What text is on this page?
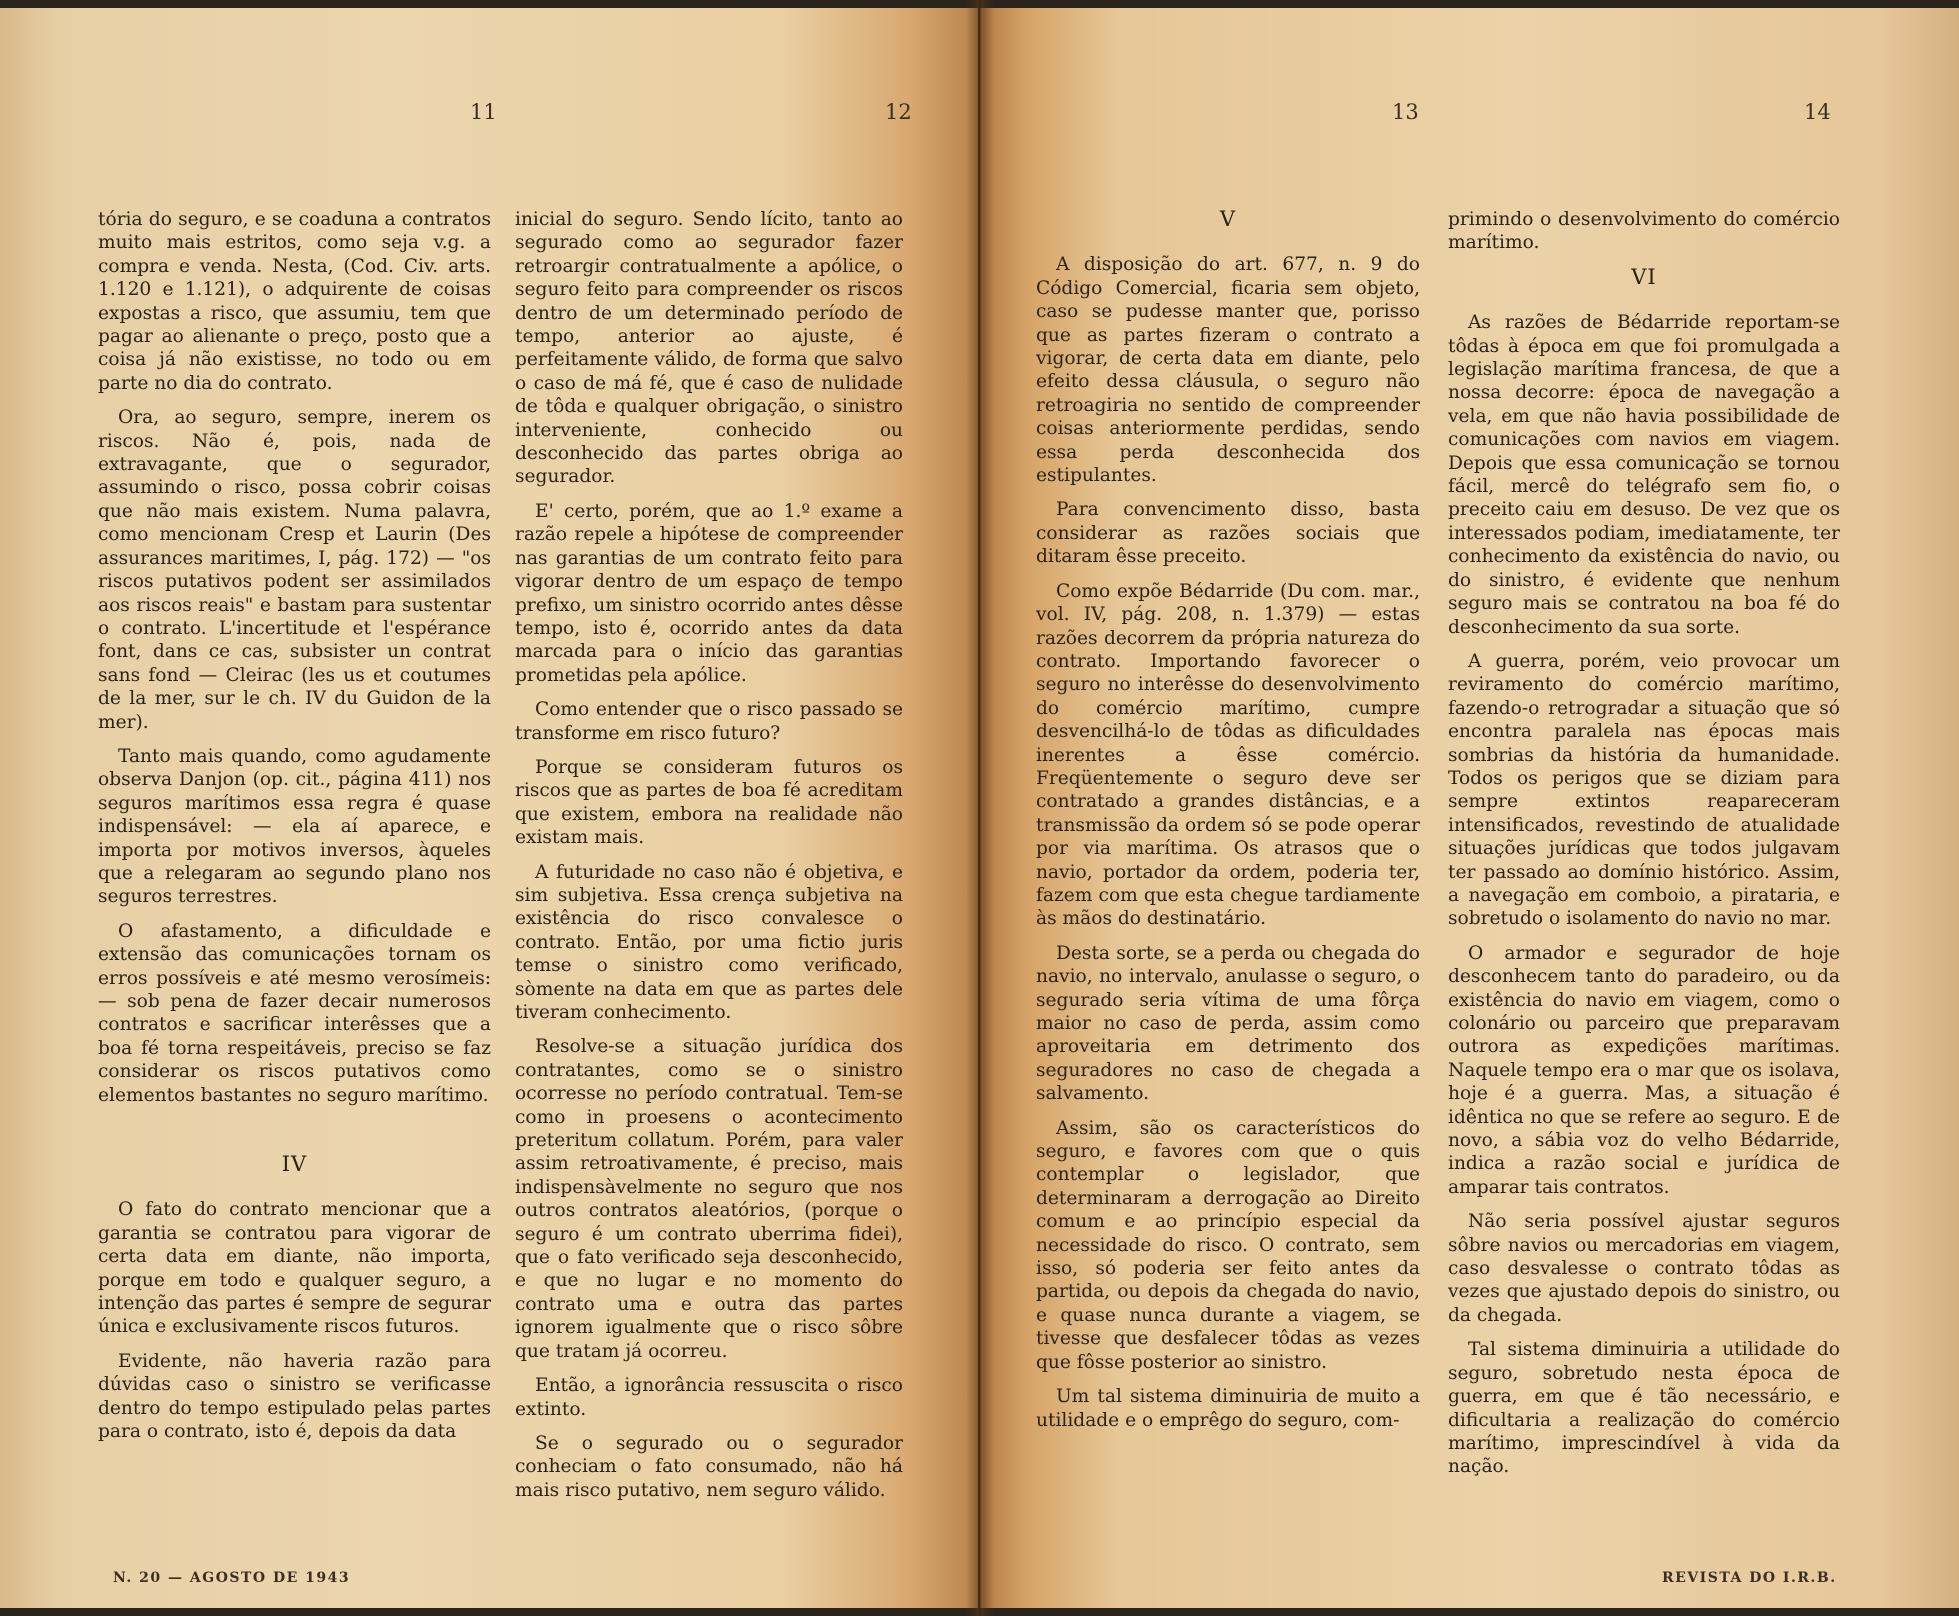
11	12

tória do seguro, e se coaduna a contratos muito mais estritos, como seja v.g. a compra e venda. Nesta, (Cod. Civ. arts. 1.120 e 1.121), o adquirente de coisas expostas a risco, que assumiu, tem que pagar ao alienante o preço, posto que a coisa já não existisse, no todo ou em parte no dia do contrato.

Ora, ao seguro, sempre, inerem os riscos. Não é, pois, nada de extravagante, que o segurador, assumindo o risco, possa cobrir coisas que não mais existem. Numa palavra, como mencionam Cresp et Laurin (Des assurances maritimes, I, pág. 172) — "os riscos putativos podent ser assimilados aos riscos reais" e bastam para sustentar o contrato. L'incertitude et l'espérance font, dans ce cas, subsister un contrat sans fond — Cleirac (les us et coutumes de la mer, sur le ch. IV du Guidon de la mer).

Tanto mais quando, como agudamente observa Danjon (op. cit., página 411) nos seguros marítimos essa regra é quase indispensável: — ela aí aparece, e importa por motivos inversos, àqueles que a relegaram ao segundo plano nos seguros terrestres.

O afastamento, a dificuldade e extensão das comunicações tornam os erros possíveis e até mesmo verosímeis: — sob pena de fazer decair numerosos contratos e sacrificar interêsses que a boa fé torna respeitáveis, preciso se faz considerar os riscos putativos como elementos bastantes no seguro marítimo.

IV

O fato do contrato mencionar que a garantia se contratou para vigorar de certa data em diante, não importa, porque em todo e qualquer seguro, a intenção das partes é sempre de segurar única e exclusivamente riscos futuros.

Evidente, não haveria razão para dúvidas caso o sinistro se verificasse dentro do tempo estipulado pelas partes para o contrato, isto é, depois da data

inicial do seguro. Sendo lícito, tanto ao segurado como ao segurador fazer retroargir contratualmente a apólice, o seguro feito para compreender os riscos dentro de um determinado período de tempo, anterior ao ajuste, é perfeitamente válido, de forma que salvo o caso de má fé, que é caso de nulidade de tôda e qualquer obrigação, o sinistro interveniente, conhecido ou desconhecido das partes obriga ao segurador.

E' certo, porém, que ao 1.º exame a razão repele a hipótese de compreender nas garantias de um contrato feito para vigorar dentro de um espaço de tempo prefixo, um sinistro ocorrido antes dêsse tempo, isto é, ocorrido antes da data marcada para o início das garantias prometidas pela apólice.

Como entender que o risco passado se transforme em risco futuro?

Porque se consideram futuros os riscos que as partes de boa fé acreditam que existem, embora na realidade não existam mais.

A futuridade no caso não é objetiva, e sim subjetiva. Essa crença subjetiva na existência do risco convalesce o contrato. Então, por uma fictio juris temse o sinistro como verificado, sòmente na data em que as partes dele tiveram conhecimento.

Resolve-se a situação jurídica dos contratantes, como se o sinistro ocorresse no período contratual. Tem-se como in proesens o acontecimento preteritum collatum. Porém, para valer assim retroativamente, é preciso, mais indispensàvelmente no seguro que nos outros contratos aleatórios, (porque o seguro é um contrato uberrima fidei), que o fato verificado seja desconhecido, e que no lugar e no momento do contrato uma e outra das partes ignorem igualmente que o risco sôbre que tratam já ocorreu.

Então, a ignorância ressuscita o risco extinto.

Se o segurado ou o segurador conheciam o fato consumado, não há mais risco putativo, nem seguro válido.

N. 20 — AGOSTO DE 1943
13	14
V

A disposição do art. 677, n. 9 do Código Comercial, ficaria sem objeto, caso se pudesse manter que, porisso que as partes fizeram o contrato a vigorar, de certa data em diante, pelo efeito dessa cláusula, o seguro não retroagiria no sentido de compreender coisas anteriormente perdidas, sendo essa perda desconhecida dos estipulantes.

Para convencimento disso, basta considerar as razões sociais que ditaram êsse preceito.

Como expõe Bédarride (Du com. mar., vol. IV, pág. 208, n. 1.379) — estas razões decorrem da própria natureza do contrato. Importando favorecer o seguro no interêsse do desenvolvimento do comércio marítimo, cumpre desvencilhá-lo de tôdas as dificuldades inerentes a êsse comércio. Freqüentemente o seguro deve ser contratado a grandes distâncias, e a transmissão da ordem só se pode operar por via marítima. Os atrasos que o navio, portador da ordem, poderia ter, fazem com que esta chegue tardiamente às mãos do destinatário.

Desta sorte, se a perda ou chegada do navio, no intervalo, anulasse o seguro, o segurado seria vítima de uma fôrça maior no caso de perda, assim como aproveitaria em detrimento dos seguradores no caso de chegada a salvamento.

Assim, são os característicos do seguro, e favores com que o quis contemplar o legislador, que determinaram a derrogação ao Direito comum e ao princípio especial da necessidade do risco. O contrato, sem isso, só poderia ser feito antes da partida, ou depois da chegada do navio, e quase nunca durante a viagem, se tivesse que desfalecer tôdas as vezes que fôsse posterior ao sinistro.

Um tal sistema diminuiria de muito a utilidade e o emprêgo do seguro, com-

primindo o desenvolvimento do comércio marítimo.

VI

As razões de Bédarride reportam-se tôdas à época em que foi promulgada a legislação marítima francesa, de que a nossa decorre: época de navegação a vela, em que não havia possibilidade de comunicações com navios em viagem. Depois que essa comunicação se tornou fácil, mercê do telégrafo sem fio, o preceito caiu em desuso. De vez que os interessados podiam, imediatamente, ter conhecimento da existência do navio, ou do sinistro, é evidente que nenhum seguro mais se contratou na boa fé do desconhecimento da sua sorte.

A guerra, porém, veio provocar um reviramento do comércio marítimo, fazendo-o retrogradar a situação que só encontra paralela nas épocas mais sombrias da história da humanidade. Todos os perigos que se diziam para sempre extintos reapareceram intensificados, revestindo de atualidade situações jurídicas que todos julgavam ter passado ao domínio histórico. Assim, a navegação em comboio, a pirataria, e sobretudo o isolamento do navio no mar.

O armador e segurador de hoje desconhecem tanto do paradeiro, ou da existência do navio em viagem, como o colonário ou parceiro que preparavam outrora as expedições marítimas. Naquele tempo era o mar que os isolava, hoje é a guerra. Mas, a situação é idêntica no que se refere ao seguro. E de novo, a sábia voz do velho Bédarride, indica a razão social e jurídica de amparar tais contratos.

Não seria possível ajustar seguros sôbre navios ou mercadorias em viagem, caso desvalesse o contrato tôdas as vezes que ajustado depois do sinistro, ou da chegada.

Tal sistema diminuiria a utilidade do seguro, sobretudo nesta época de guerra, em que é tão necessário, e dificultaria a realização do comércio marítimo, imprescindível à vida da nação.

REVISTA DO I.R.B.
